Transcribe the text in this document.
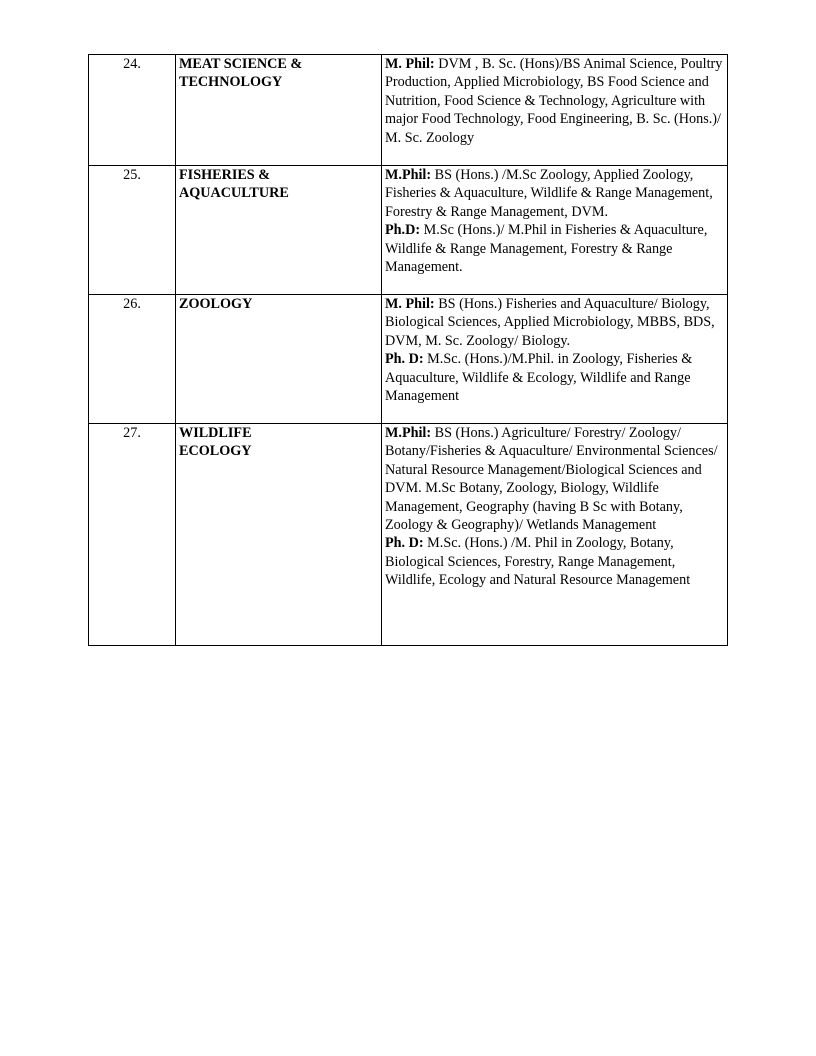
24.	MEAT SCIENCE &
TECHNOLOGY	M. Phil: DVM , B. Sc. (Hons)/BS Animal Science, Poultry Production, Applied Microbiology, BS Food Science and Nutrition, Food Science & Technology, Agriculture with major Food Technology, Food Engineering, B. Sc. (Hons.)/ M. Sc. Zoology

25.	FISHERIES &
AQUACULTURE	M.Phil: BS (Hons.) /M.Sc Zoology, Applied Zoology, Fisheries & Aquaculture, Wildlife & Range Management, Forestry & Range Management, DVM.
Ph.D: M.Sc (Hons.)/ M.Phil in Fisheries & Aquaculture, Wildlife & Range Management, Forestry & Range Management.

26.	ZOOLOGY	M. Phil: BS (Hons.) Fisheries and Aquaculture/ Biology, Biological Sciences, Applied Microbiology, MBBS, BDS, DVM, M. Sc. Zoology/ Biology.
Ph. D: M.Sc. (Hons.)/M.Phil. in Zoology, Fisheries & Aquaculture, Wildlife & Ecology, Wildlife and Range Management

27.	WILDLIFE
ECOLOGY	M.Phil: BS (Hons.) Agriculture/ Forestry/ Zoology/ Botany/Fisheries & Aquaculture/ Environmental Sciences/ Natural Resource Management/Biological Sciences and DVM. M.Sc Botany, Zoology, Biology, Wildlife Management, Geography (having B Sc with Botany, Zoology & Geography)/ Wetlands Management
Ph. D: M.Sc. (Hons.) /M. Phil in Zoology, Botany, Biological Sciences, Forestry, Range Management, Wildlife, Ecology and Natural Resource Management
